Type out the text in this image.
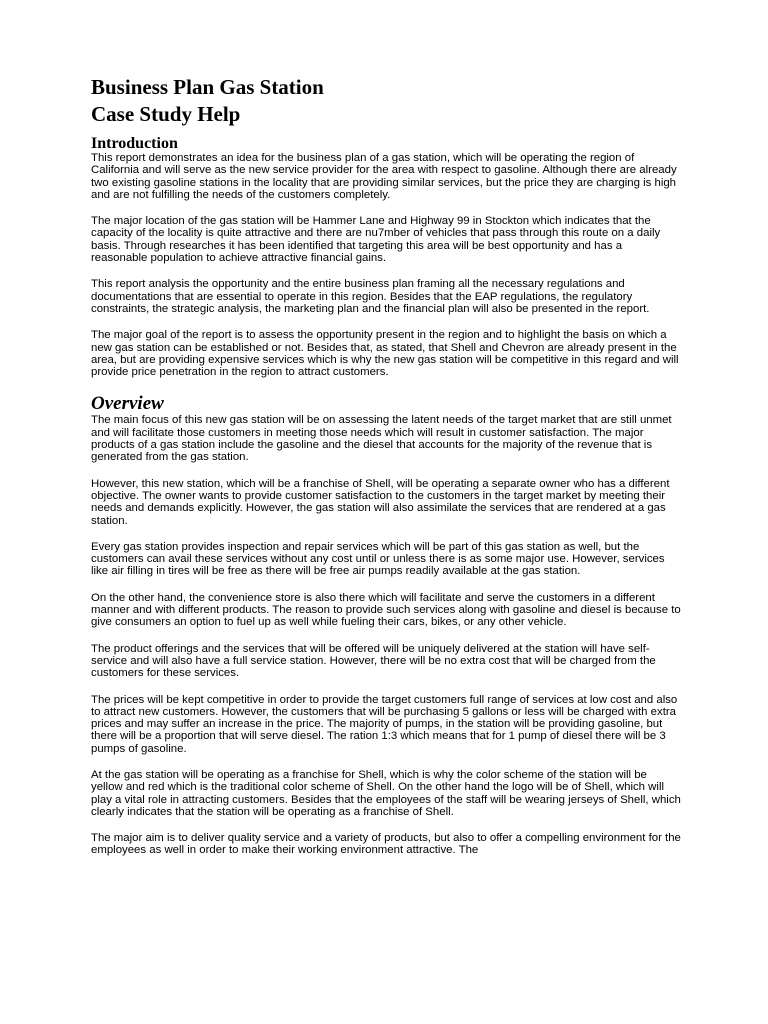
Business Plan Gas Station
Case Study Help
Introduction

This report demonstrates an idea for the business plan of a gas station, which will be operating the region of California and will serve as the new service provider for the area with respect to gasoline. Although there are already two existing gasoline stations in the locality that are providing similar services, but the price they are charging is high and are not fulfilling the needs of the customers completely.

The major location of the gas station will be Hammer Lane and Highway 99 in Stockton which indicates that the capacity of the locality is quite attractive and there are nu7mber of vehicles that pass through this route on a daily basis. Through researches it has been identified that targeting this area will be best opportunity and has a reasonable population to achieve attractive financial gains.

This report analysis the opportunity and the entire business plan framing all the necessary regulations and documentations that are essential to operate in this region. Besides that the EAP regulations, the regulatory constraints, the strategic analysis, the marketing plan and the financial plan will also be presented in the report.

The major goal of the report is to assess the opportunity present in the region and to highlight the basis on which a new gas station can be established or not. Besides that, as stated, that Shell and Chevron are already present in the area, but are providing expensive services which is why the new gas station will be competitive in this regard and will provide price penetration in the region to attract customers.

Overview

The main focus of this new gas station will be on assessing the latent needs of the target market that are still unmet and will facilitate those customers in meeting those needs which will result in customer satisfaction. The major products of a gas station include the gasoline and the diesel that accounts for the majority of the revenue that is generated from the gas station.

However, this new station, which will be a franchise of Shell, will be operating a separate owner who has a different objective. The owner wants to provide customer satisfaction to the customers in the target market by meeting their needs and demands explicitly. However, the gas station will also assimilate the services that are rendered at a gas station.

Every gas station provides inspection and repair services which will be part of this gas station as well, but the customers can avail these services without any cost until or unless there is as some major use. However, services like air filling in tires will be free as there will be free air pumps readily available at the gas station.

On the other hand, the convenience store is also there which will facilitate and serve the customers in a different manner and with different products. The reason to provide such services along with gasoline and diesel is because to give consumers an option to fuel up as well while fueling their cars, bikes, or any other vehicle.

The product offerings and the services that will be offered will be uniquely delivered at the station will have self-service and will also have a full service station. However, there will be no extra cost that will be charged from the customers for these services.

The prices will be kept competitive in order to provide the target customers full range of services at low cost and also to attract new customers. However, the customers that will be purchasing 5 gallons or less will be charged with extra prices and may suffer an increase in the price. The majority of pumps, in the station will be providing gasoline, but there will be a proportion that will serve diesel. The ration 1:3 which means that for 1 pump of diesel there will be 3 pumps of gasoline.

At the gas station will be operating as a franchise for Shell, which is why the color scheme of the station will be yellow and red which is the traditional color scheme of Shell. On the other hand the logo will be of Shell, which will play a vital role in attracting customers. Besides that the employees of the staff will be wearing jerseys of Shell, which clearly indicates that the station will be operating as a franchise of Shell.

The major aim is to deliver quality service and a variety of products, but also to offer a compelling environment for the employees as well in order to make their working environment attractive. The
